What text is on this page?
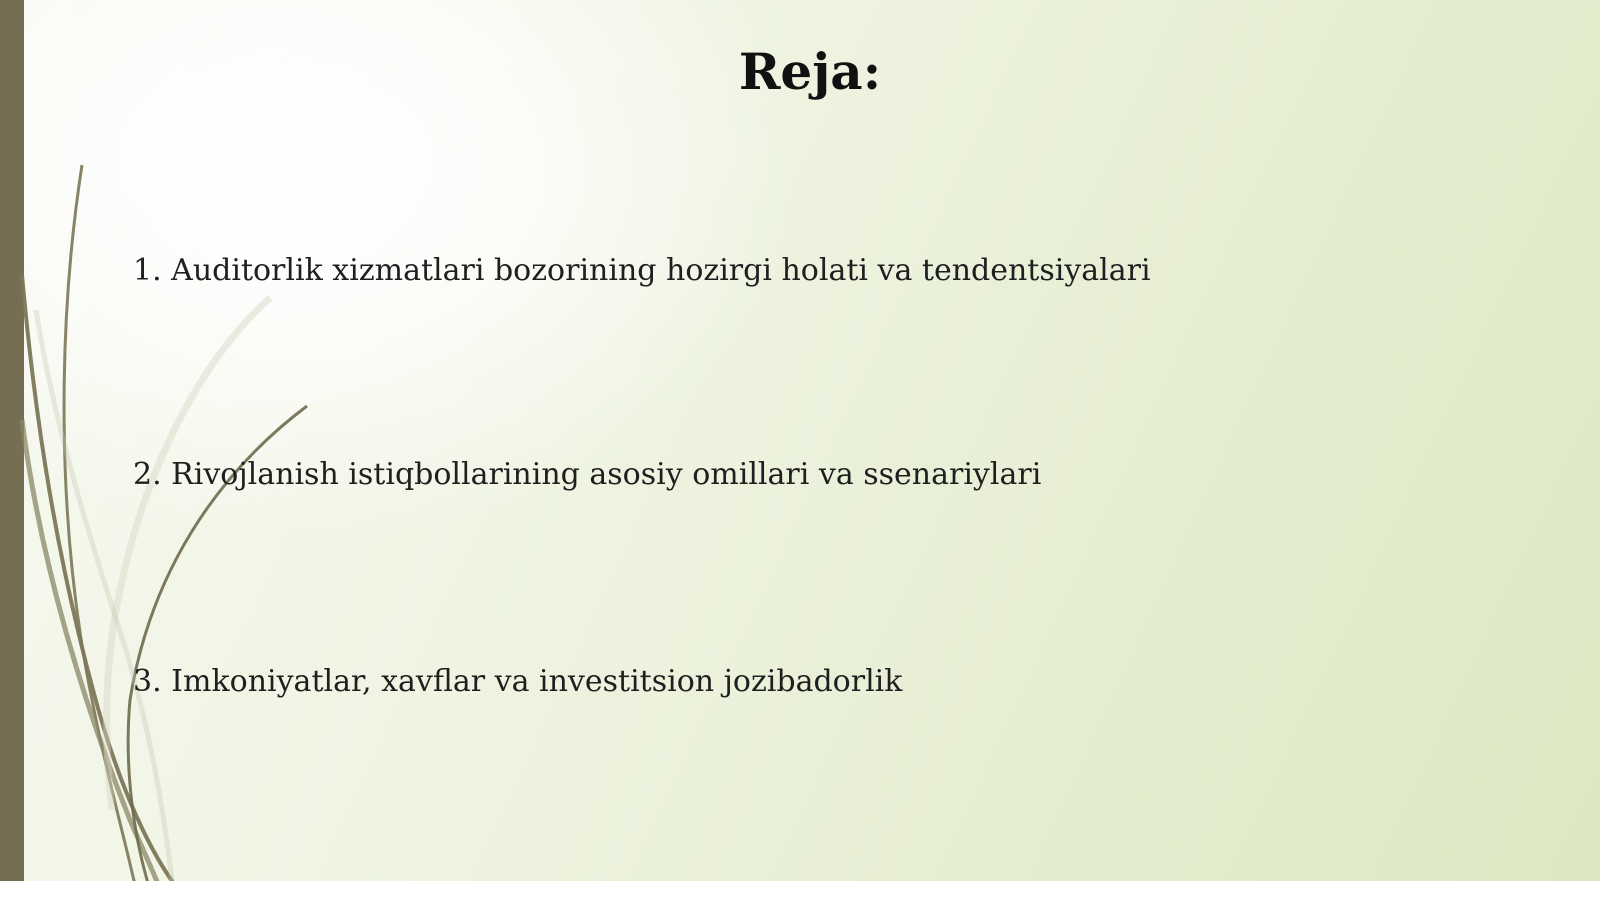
Reja:

1. Auditorlik xizmatlari bozorining hozirgi holati va tendentsiyalari

2. Rivojlanish istiqbollarining asosiy omillari va ssenariylari

3. Imkoniyatlar, xavflar va investitsion jozibadorlik
